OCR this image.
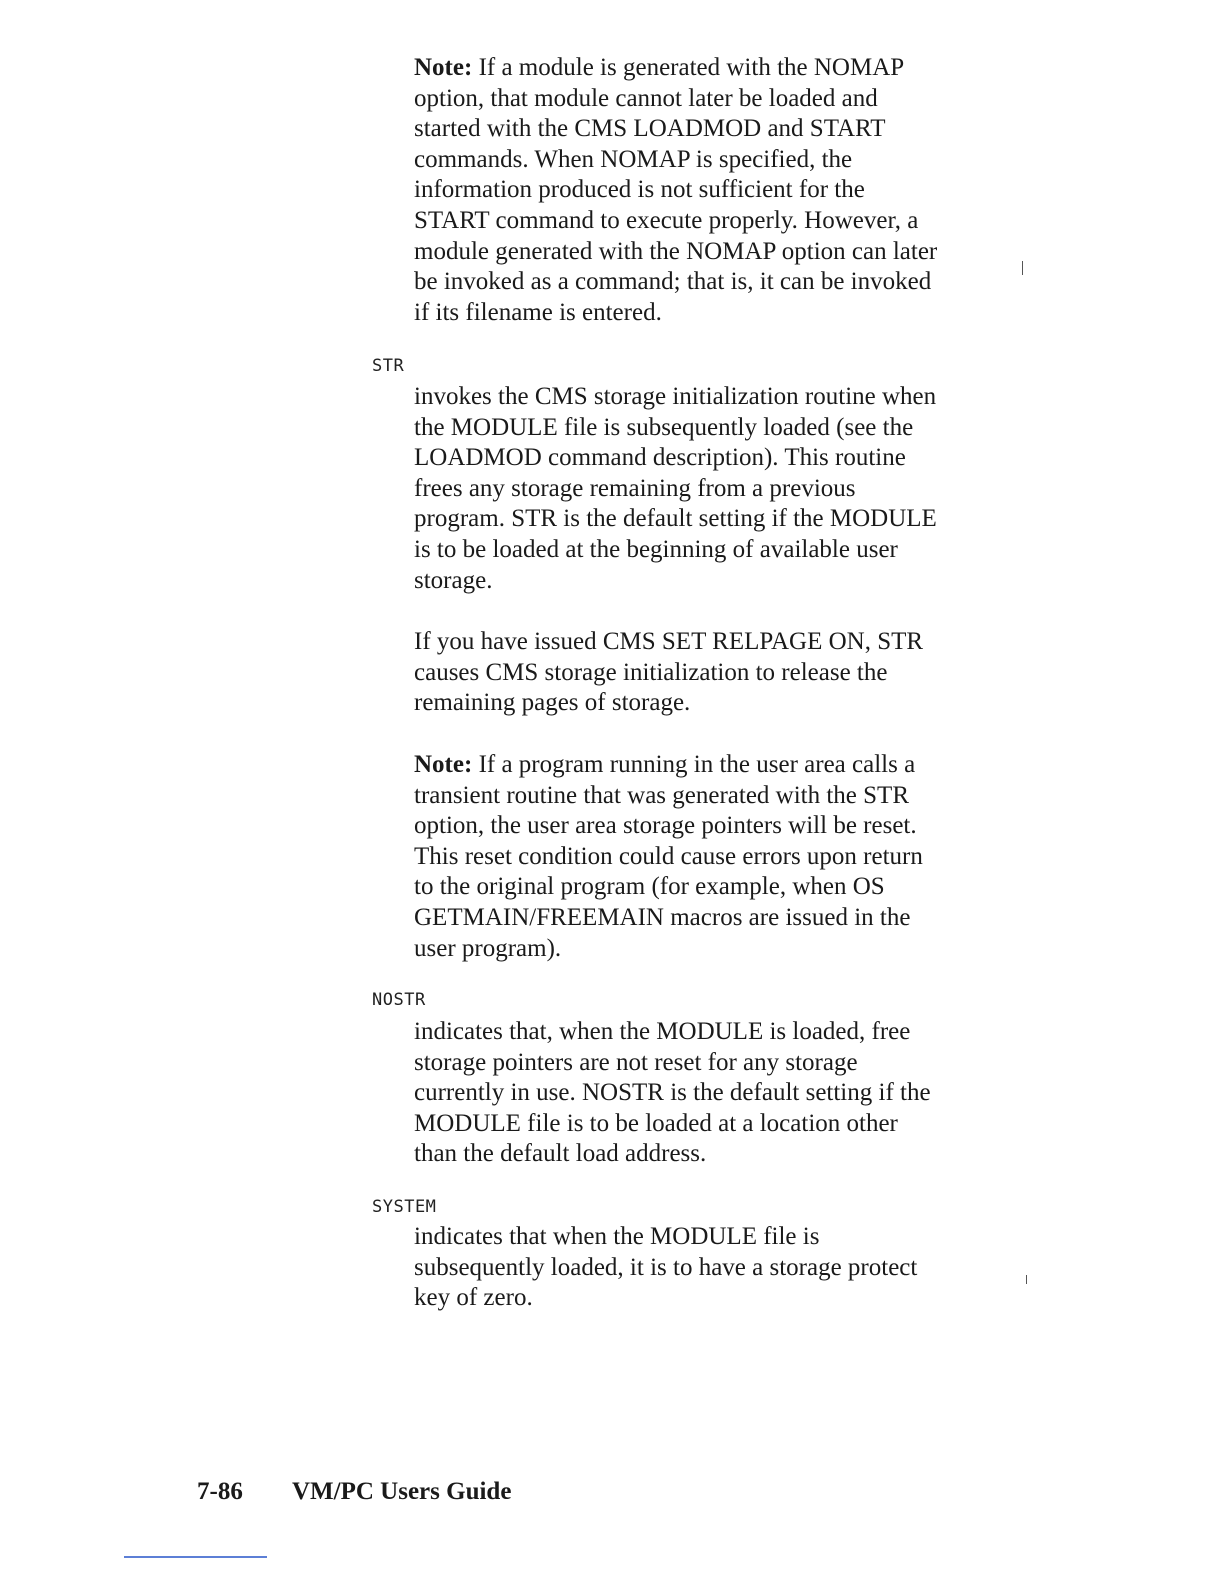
Note: If a module is generated with the NOMAP
option, that module cannot later be loaded and
started with the CMS LOADMOD and START
commands. When NOMAP is specified, the
information produced is not sufficient for the
START command to execute properly. However, a
module generated with the NOMAP option can later
be invoked as a command; that is, it can be invoked
if its filename is entered.
STR
invokes the CMS storage initialization routine when
the MODULE file is subsequently loaded (see the
LOADMOD command description). This routine
frees any storage remaining from a previous
program. STR is the default setting if the MODULE
is to be loaded at the beginning of available user
storage.
If you have issued CMS SET RELPAGE ON, STR
causes CMS storage initialization to release the
remaining pages of storage.
Note: If a program running in the user area calls a
transient routine that was generated with the STR
option, the user area storage pointers will be reset.
This reset condition could cause errors upon return
to the original program (for example, when OS
GETMAIN/FREEMAIN macros are issued in the
user program).
NOSTR
indicates that, when the MODULE is loaded, free
storage pointers are not reset for any storage
currently in use. NOSTR is the default setting if the
MODULE file is to be loaded at a location other
than the default load address.
SYSTEM
indicates that when the MODULE file is
subsequently loaded, it is to have a storage protect
key of zero.
7-86 VM/PC Users Guide
